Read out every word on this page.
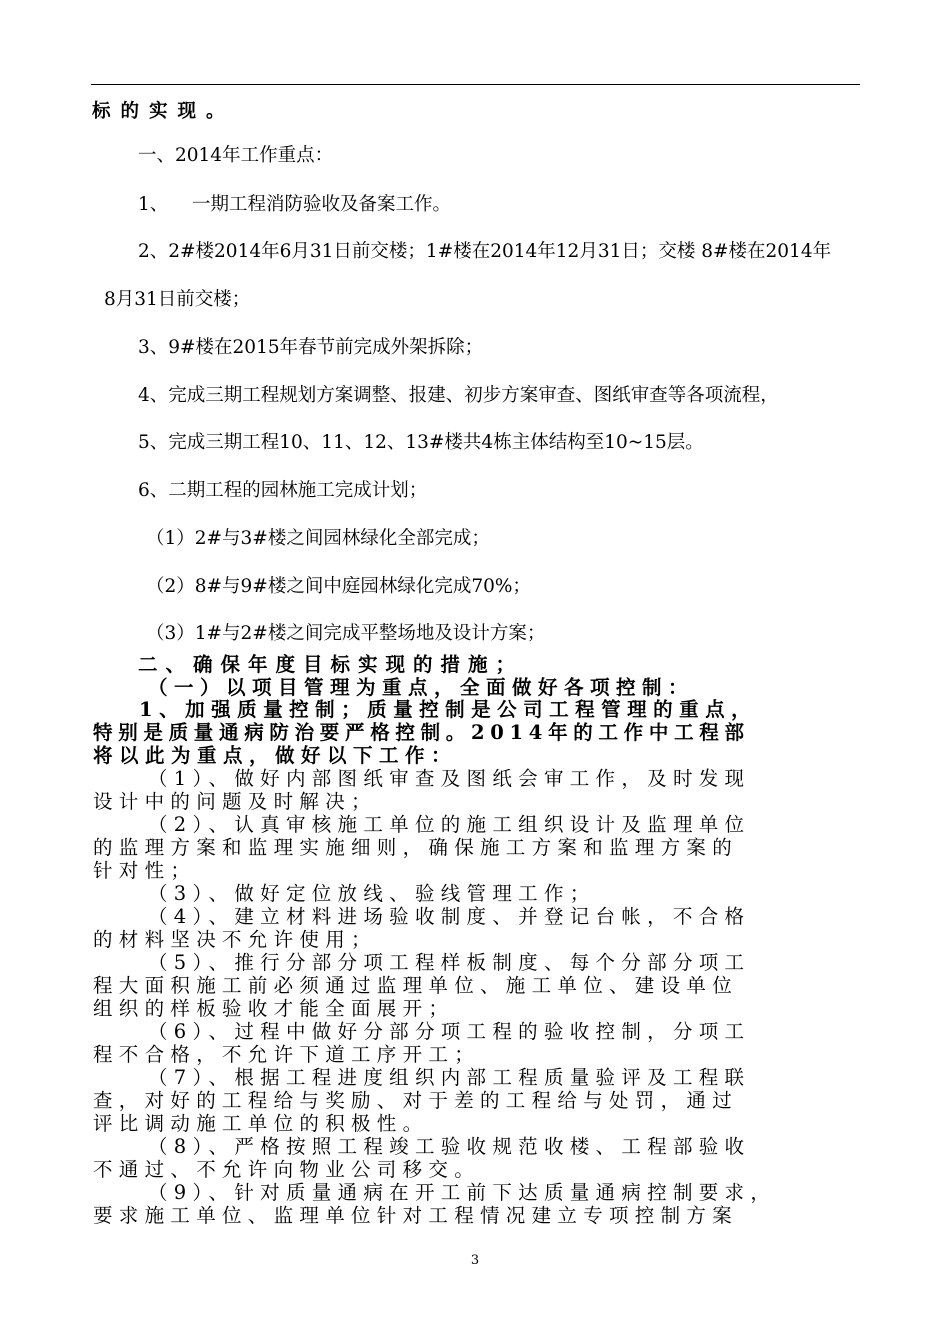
标的实现。
一、2014年工作重点：
1、 一期工程消防验收及备案工作。
2、2#楼2014年6月31日前交楼；1#楼在2014年12月31日；交楼 8#楼在2014年
8月31日前交楼；
3、9#楼在2015年春节前完成外架拆除；
4、完成三期工程规划方案调整、报建、初步方案审查、图纸审查等各项流程，
5、完成三期工程10、11、12、13#楼共4栋主体结构至10~15层。
6、二期工程的园林施工完成计划；
（1）2#与3#楼之间园林绿化全部完成；
（2）8#与9#楼之间中庭园林绿化完成70%；
（3）1#与2#楼之间完成平整场地及设计方案；
二、确保年度目标实现的措施；
（一）以项目管理为重点，全面做好各项控制：
1、加强质量控制；质量控制是公司工程管理的重点，
特别是质量通病防治要严格控制。2014年的工作中工程部
将以此为重点，做好以下工作：
（1）、做好内部图纸审查及图纸会审工作，及时发现
设计中的问题及时解决；
（2）、认真审核施工单位的施工组织设计及监理单位
的监理方案和监理实施细则，确保施工方案和监理方案的
针对性；
（3）、做好定位放线、验线管理工作；
（4）、建立材料进场验收制度、并登记台帐，不合格
的材料坚决不允许使用；
（5）、推行分部分项工程样板制度、每个分部分项工
程大面积施工前必须通过监理单位、施工单位、建设单位
组织的样板验收才能全面展开；
（6）、过程中做好分部分项工程的验收控制，分项工
程不合格，不允许下道工序开工；
（7）、根据工程进度组织内部工程质量验评及工程联
查，对好的工程给与奖励、对于差的工程给与处罚，通过
评比调动施工单位的积极性。
（8）、严格按照工程竣工验收规范收楼、工程部验收
不通过、不允许向物业公司移交。
（9）、针对质量通病在开工前下达质量通病控制要求，
要求施工单位、监理单位针对工程情况建立专项控制方案
3
